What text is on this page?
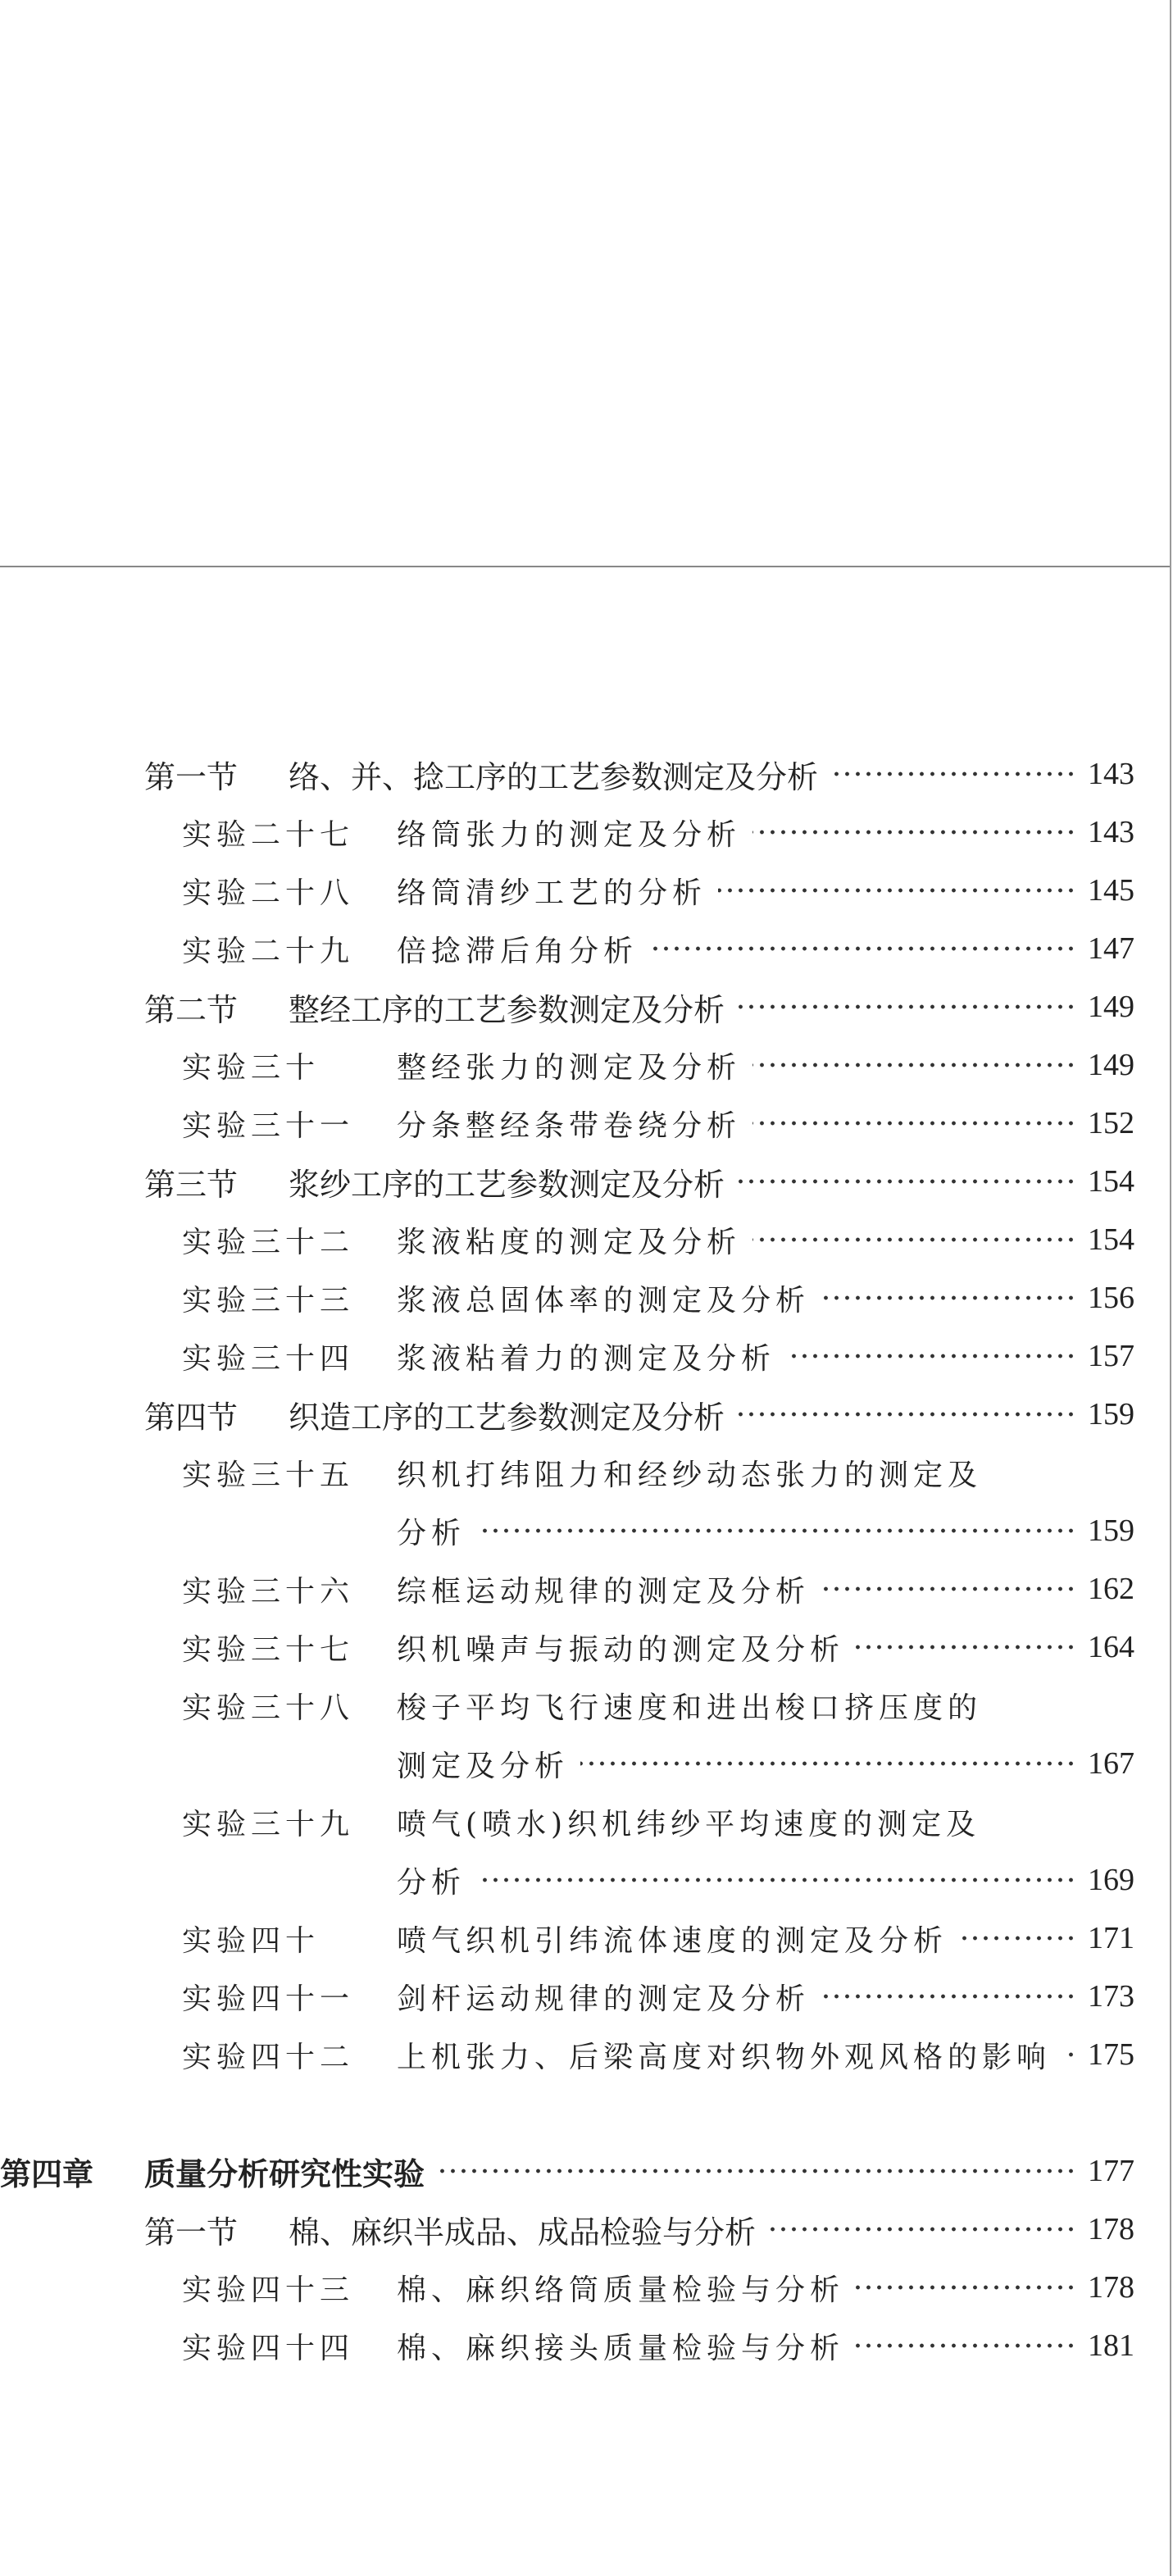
第一节	络、并、捻工序的工艺参数测定及分析	143
实验二十七	络筒张力的测定及分析	143
实验二十八	络筒清纱工艺的分析	145
实验二十九	倍捻滞后角分析	147
第二节	整经工序的工艺参数测定及分析	149
实验三十	整经张力的测定及分析	149
实验三十一	分条整经条带卷绕分析	152
第三节	浆纱工序的工艺参数测定及分析	154
实验三十二	浆液粘度的测定及分析	154
实验三十三	浆液总固体率的测定及分析	156
实验三十四	浆液粘着力的测定及分析	157
第四节	织造工序的工艺参数测定及分析	159
实验三十五	织机打纬阻力和经纱动态张力的测定及
分析	159
实验三十六	综框运动规律的测定及分析	162
实验三十七	织机噪声与振动的测定及分析	164
实验三十八	梭子平均飞行速度和进出梭口挤压度的
测定及分析	167
实验三十九	喷气(喷水)织机纬纱平均速度的测定及
分析	169
实验四十	喷气织机引纬流体速度的测定及分析	171
实验四十一	剑杆运动规律的测定及分析	173
实验四十二	上机张力、后梁高度对织物外观风格的影响 175
第四章	质量分析研究性实验	177
第一节	棉、麻织半成品、成品检验与分析	178
实验四十三	棉、麻织络筒质量检验与分析	178
实验四十四	棉、麻织接头质量检验与分析	181
